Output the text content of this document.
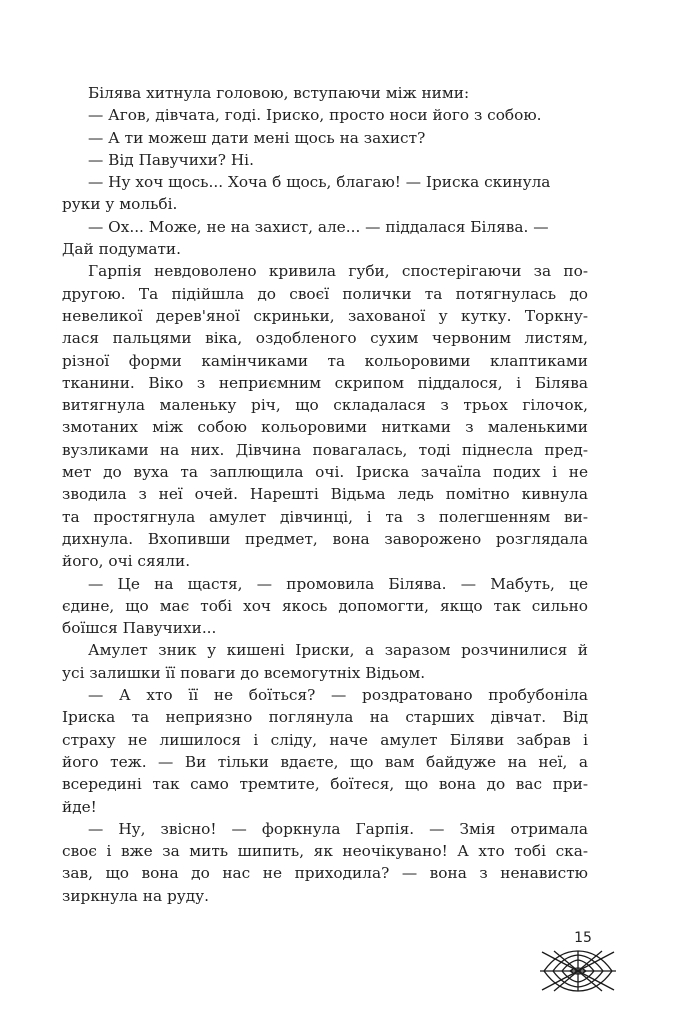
Білява хитнула головою, вступаючи між ними:
— Агов, дівчата, годі. Іриско, просто носи його з собою.
— А ти можеш дати мені щось на захист?
— Від Павучихи? Ні.
— Ну хоч щось... Хоча б щось, благаю! — Іриска скинула
руки у мольбі.
— Ох... Може, не на захист, але... — піддалася Білява. —
Дай подумати.
Гарпія невдоволено кривила губи, спостерігаючи за по-
другою. Та підійшла до своєї полички та потягнулась до
невеликої дерев'яної скриньки, захованої у кутку. Торкну-
лася пальцями віка, оздобленого сухим червоним листям,
різної форми камінчиками та кольоровими клаптиками
тканини. Віко з неприємним скрипом піддалося, і Білява
витягнула маленьку річ, що складалася з трьох гілочок,
змотаних між собою кольоровими нитками з маленькими
вузликами на них. Дівчина повагалась, тоді піднесла пред-
мет до вуха та заплющила очі. Іриска зачаїла подих і не
зводила з неї очей. Нарешті Відьма ледь помітно кивнула
та простягнула амулет дівчинці, і та з полегшенням ви-
дихнула. Вхопивши предмет, вона заворожено розглядала
його, очі сяяли.
— Це на щастя, — промовила Білява. — Мабуть, це
єдине, що має тобі хоч якось допомогти, якщо так сильно
боїшся Павучихи...
Амулет зник у кишені Іриски, а заразом розчинилися й
усі залишки її поваги до всемогутніх Відьом.
— А хто її не боїться? — роздратовано пробубоніла
Іриска та неприязно поглянула на старших дівчат. Від
страху не лишилося і сліду, наче амулет Біляви забрав і
його теж. — Ви тільки вдаєте, що вам байдуже на неї, а
всередині так само тремтите, боїтеся, що вона до вас при-
йде!
— Ну, звісно! — форкнула Гарпія. — Змія отримала
своє і вже за мить шипить, як неочікувано! А хто тобі ска-
зав, що вона до нас не приходила? — вона з ненавистю
зиркнула на руду.
15
